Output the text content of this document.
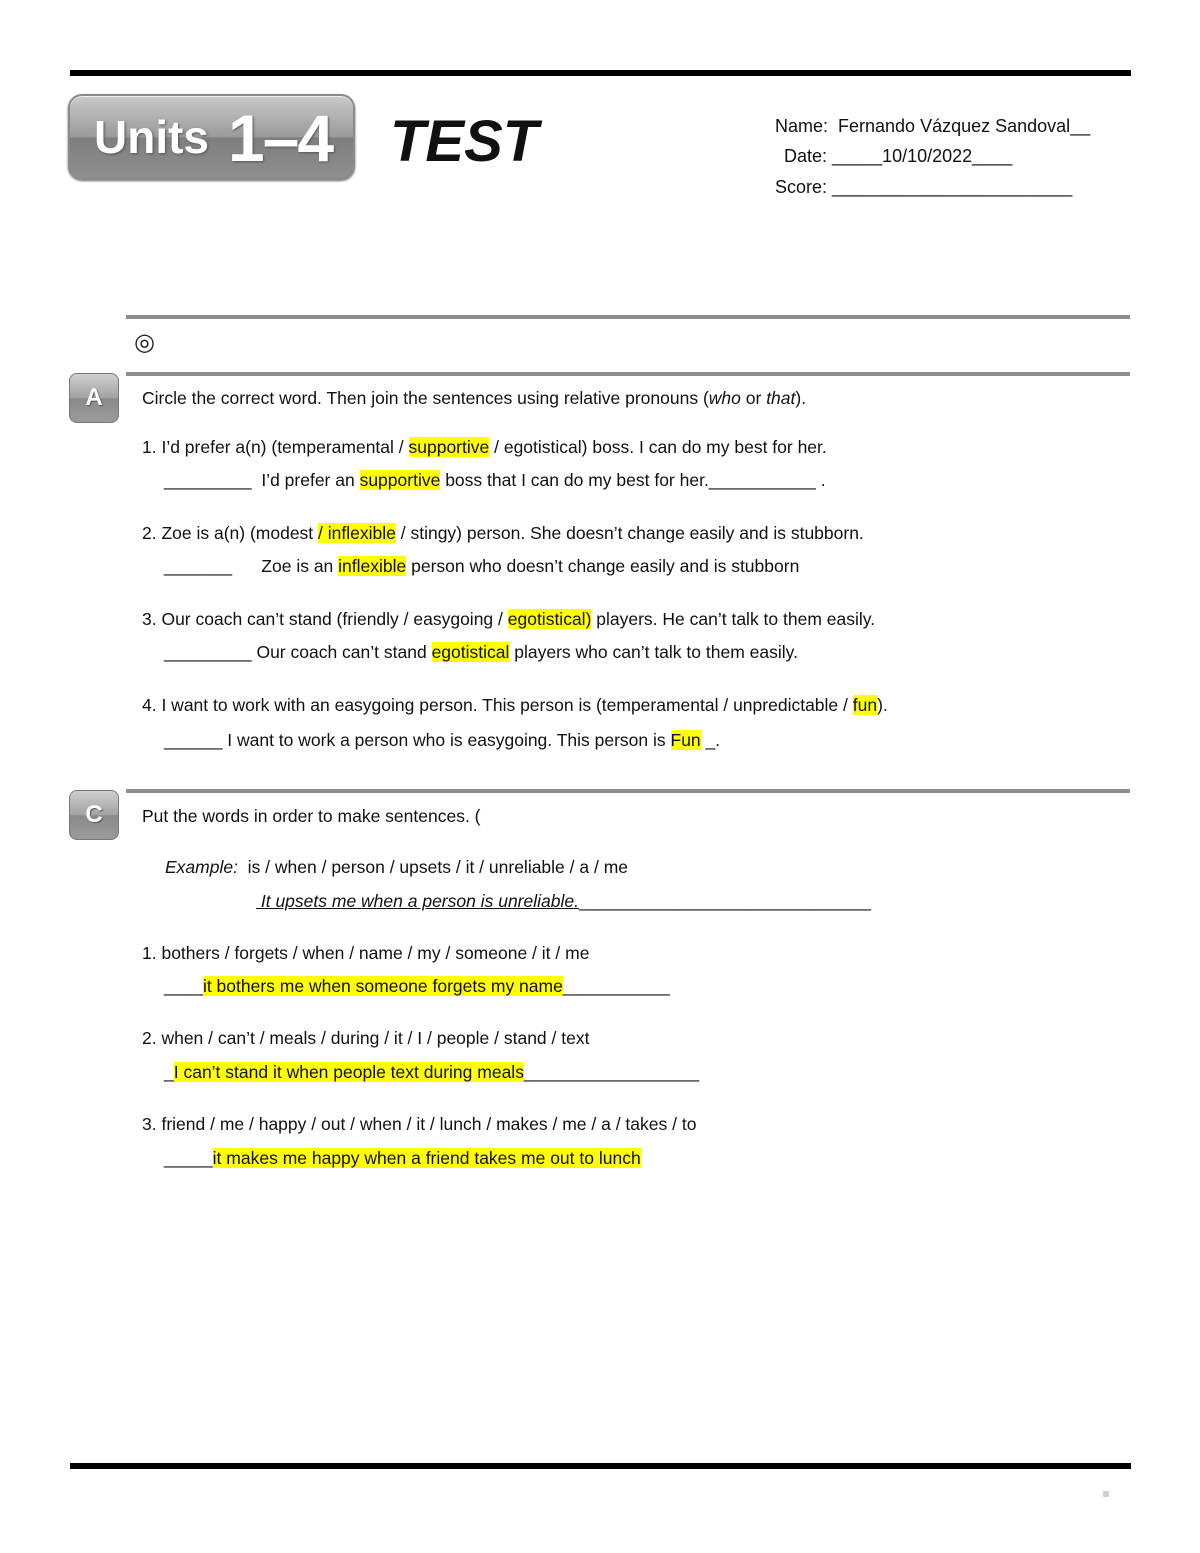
Units 1–4 TEST	Name:  Fernando Vázquez Sandoval__
Date: _____10/10/2022____
Score: ________________________
◎
A	Circle the correct word. Then join the sentences using relative pronouns (who or that).
1. I’d prefer a(n) (temperamental / supportive / egotistical) boss. I can do my best for her.
_________  I’d prefer an supportive boss that I can do my best for her.___________ .
2. Zoe is a(n) (modest / inflexible / stingy) person. She doesn’t change easily and is stubborn.
_______      Zoe is an inflexible person who doesn’t change easily and is stubborn
3. Our coach can’t stand (friendly / easygoing / egotistical) players. He can’t talk to them easily.
_________ Our coach can’t stand egotistical players who can’t talk to them easily.
4. I want to work with an easygoing person. This person is (temperamental / unpredictable / fun).
______ I want to work a person who is easygoing. This person is Fun _.
C	Put the words in order to make sentences. (
Example:  is / when / person / upsets / it / unreliable / a / me
It upsets me when a person is unreliable.______________________________
1. bothers / forgets / when / name / my / someone / it / me
____it bothers me when someone forgets my name___________
2. when / can’t / meals / during / it / I / people / stand / text
_I can’t stand it when people text during meals__________________
3. friend / me / happy / out / when / it / lunch / makes / me / a / takes / to
_____it makes me happy when a friend takes me out to lunch
